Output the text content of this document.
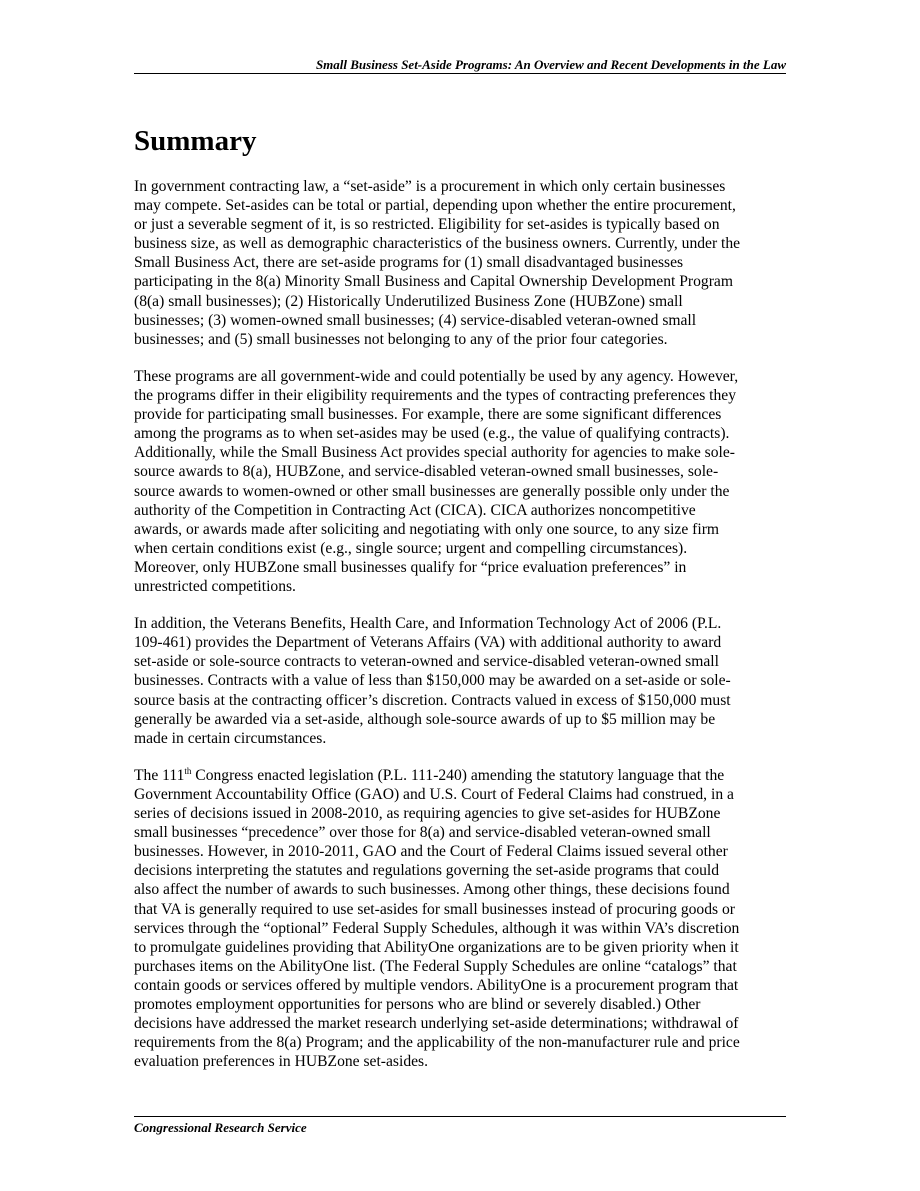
Small Business Set-Aside Programs: An Overview and Recent Developments in the Law
Summary

In government contracting law, a “set-aside” is a procurement in which only certain businesses
may compete. Set-asides can be total or partial, depending upon whether the entire procurement,
or just a severable segment of it, is so restricted. Eligibility for set-asides is typically based on
business size, as well as demographic characteristics of the business owners. Currently, under the
Small Business Act, there are set-aside programs for (1) small disadvantaged businesses
participating in the 8(a) Minority Small Business and Capital Ownership Development Program
(8(a) small businesses); (2) Historically Underutilized Business Zone (HUBZone) small
businesses; (3) women-owned small businesses; (4) service-disabled veteran-owned small
businesses; and (5) small businesses not belonging to any of the prior four categories.

These programs are all government-wide and could potentially be used by any agency. However,
the programs differ in their eligibility requirements and the types of contracting preferences they
provide for participating small businesses. For example, there are some significant differences
among the programs as to when set-asides may be used (e.g., the value of qualifying contracts).
Additionally, while the Small Business Act provides special authority for agencies to make sole-
source awards to 8(a), HUBZone, and service-disabled veteran-owned small businesses, sole-
source awards to women-owned or other small businesses are generally possible only under the
authority of the Competition in Contracting Act (CICA). CICA authorizes noncompetitive
awards, or awards made after soliciting and negotiating with only one source, to any size firm
when certain conditions exist (e.g., single source; urgent and compelling circumstances).
Moreover, only HUBZone small businesses qualify for “price evaluation preferences” in
unrestricted competitions.

In addition, the Veterans Benefits, Health Care, and Information Technology Act of 2006 (P.L.
109-461) provides the Department of Veterans Affairs (VA) with additional authority to award
set-aside or sole-source contracts to veteran-owned and service-disabled veteran-owned small
businesses. Contracts with a value of less than $150,000 may be awarded on a set-aside or sole-
source basis at the contracting officer’s discretion. Contracts valued in excess of $150,000 must
generally be awarded via a set-aside, although sole-source awards of up to $5 million may be
made in certain circumstances.

The 111th Congress enacted legislation (P.L. 111-240) amending the statutory language that the
Government Accountability Office (GAO) and U.S. Court of Federal Claims had construed, in a
series of decisions issued in 2008-2010, as requiring agencies to give set-asides for HUBZone
small businesses “precedence” over those for 8(a) and service-disabled veteran-owned small
businesses. However, in 2010-2011, GAO and the Court of Federal Claims issued several other
decisions interpreting the statutes and regulations governing the set-aside programs that could
also affect the number of awards to such businesses. Among other things, these decisions found
that VA is generally required to use set-asides for small businesses instead of procuring goods or
services through the “optional” Federal Supply Schedules, although it was within VA’s discretion
to promulgate guidelines providing that AbilityOne organizations are to be given priority when it
purchases items on the AbilityOne list. (The Federal Supply Schedules are online “catalogs” that
contain goods or services offered by multiple vendors. AbilityOne is a procurement program that
promotes employment opportunities for persons who are blind or severely disabled.) Other
decisions have addressed the market research underlying set-aside determinations; withdrawal of
requirements from the 8(a) Program; and the applicability of the non-manufacturer rule and price
evaluation preferences in HUBZone set-asides.

Congressional Research Service
